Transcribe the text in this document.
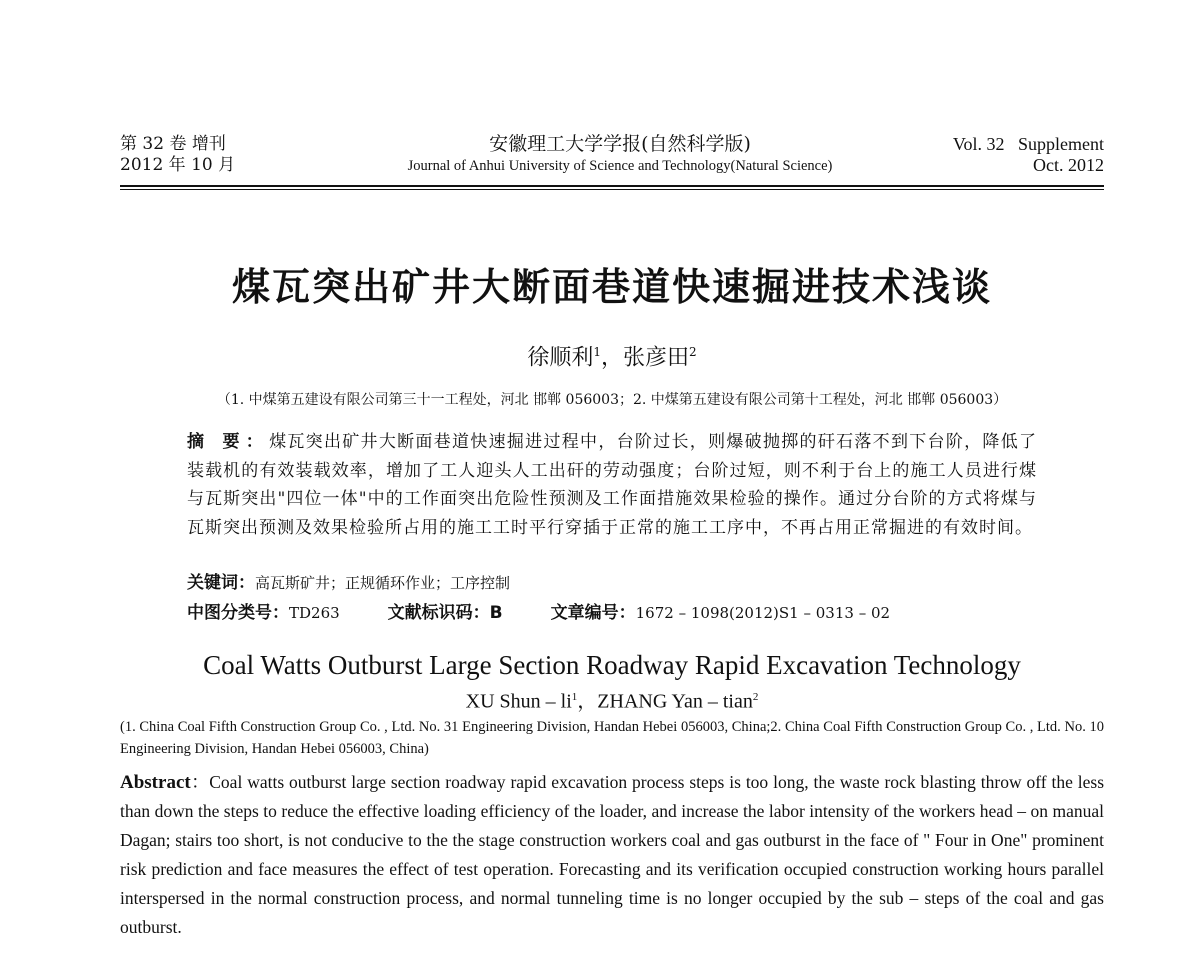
第 32 卷 增刊
2012 年 10 月
安徽理工大学学报(自然科学版)
Journal of Anhui University of Science and Technology(Natural Science)
Vol. 32   Supplement
Oct. 2012
煤瓦突出矿井大断面巷道快速掘进技术浅谈
徐顺利$^1$，张彦田$^2$
（1. 中煤第五建设有限公司第三十一工程处，河北 邯郸 056003；2. 中煤第五建设有限公司第十工程处，河北 邯郸 056003）
摘 要：煤瓦突出矿井大断面巷道快速掘进过程中，台阶过长，则爆破抛掷的矸石落不到下台阶，降低了装载机的有效装载效率，增加了工人迎头人工出矸的劳动强度；台阶过短，则不利于台上的施工人员进行煤与瓦斯突出"四位一体"中的工作面突出危险性预测及工作面措施效果检验的操作。通过分台阶的方式将煤与瓦斯突出预测及效果检验所占用的施工工时平行穿插于正常的施工工序中，不再占用正常掘进的有效时间。
关键词：高瓦斯矿井；正规循环作业；工序控制
中图分类号：TD263	文献标识码：B	文章编号：1672 – 1098(2012)S1 – 0313 – 02
Coal Watts Outburst Large Section Roadway Rapid Excavation Technology
XU Shun – $li^1$，ZHANG Yan – tian$^2$
(1. China Coal Fifth Construction Group Co. , Ltd. No. 31 Engineering Division, Handan Hebei 056003, China;2. China Coal Fifth Construction Group Co. , Ltd. No. 10 Engineering Division, Handan Hebei 056003, China)
Abstract：Coal watts outburst large section roadway rapid excavation process steps is too long, the waste rock blasting throw off the less than down the steps to reduce the effective loading efficiency of the loader, and increase the labor intensity of the workers head – on manual Dagan; stairs too short, is not conducive to the the stage construction workers coal and gas outburst in the face of " Four in One" prominent risk prediction and face measures the effect of test operation. Forecasting and its verification occupied construction working hours parallel interspersed in the normal construction process, and normal tunneling time is no longer occupied by the sub – steps of the coal and gas outburst.
